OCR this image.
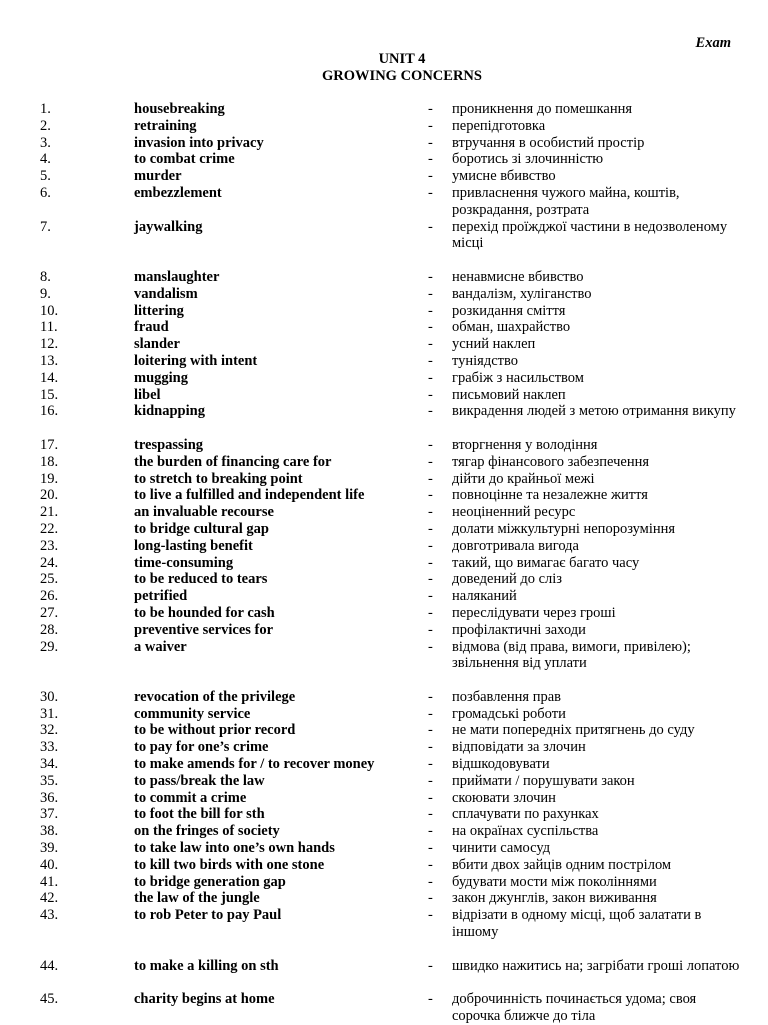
Exam
UNIT 4
GROWING CONCERNS
1.	housebreaking	-	проникнення до помешкання
2.	retraining	-	перепідготовка
3.	invasion into privacy	-	втручання в особистий простір
4.	to combat crime	-	боротись зі злочинністю
5.	murder	-	умисне вбивство
6.	embezzlement	-	привласнення чужого майна, коштів, розкрадання, розтрата
7.	jaywalking	-	перехід проїжджої частини в недозволеному місці
8.	manslaughter	-	ненавмисне вбивство
9.	vandalism	-	вандалізм, хуліганство
10.	littering	-	розкидання сміття
11.	fraud	-	обман, шахрайство
12.	slander	-	усний наклеп
13.	loitering with intent	-	туніядство
14.	mugging	-	грабіж з насильством
15.	libel	-	письмовий наклеп
16.	kidnapping	-	викрадення людей з метою отримання викупу
17.	trespassing	-	вторгнення у володіння
18.	the burden of financing care for	-	тягар фінансового забезпечення
19.	to stretch to breaking point	-	дійти до крайньої межі
20.	to live a fulfilled and independent life	-	повноцінне та незалежне життя
21.	an invaluable recourse	-	неоціненний ресурс
22.	to bridge cultural gap	-	долати міжкультурні непорозуміння
23.	long-lasting benefit	-	довготривала вигода
24.	time-consuming	-	такий, що вимагає багато часу
25.	to be reduced to tears	-	доведений до сліз
26.	petrified	-	наляканий
27.	to be hounded for cash	-	переслідувати через гроші
28.	preventive services for	-	профілактичні заходи
29.	a waiver	-	відмова (від права, вимоги, привілею); звільнення від уплати
30.	revocation of the privilege	-	позбавлення прав
31.	community service	-	громадські роботи
32.	to be without prior record	-	не мати попередніх притягнень до суду
33.	to pay for one’s crime	-	відповідати за злочин
34.	to make amends for / to recover money	-	відшкодовувати
35.	to pass/break the law	-	приймати / порушувати закон
36.	to commit a crime	-	скоювати злочин
37.	to foot the bill for sth	-	сплачувати по рахунках
38.	on the fringes of society	-	на окраїнах суспільства
39.	to take law into one’s own hands	-	чинити самосуд
40.	to kill two birds with one stone	-	вбити двох зайців одним пострілом
41.	to bridge generation gap	-	будувати мости між поколіннями
42.	the law of the jungle	-	закон джунглів, закон виживання
43.	to rob Peter to pay Paul	-	відрізати в одному місці, щоб залатати в іншому
44.	to make a killing on sth	-	швидко нажитись на; загрібати гроші лопатою
45.	charity begins at home	-	доброчинність починається удома; своя сорочка ближче до тіла
